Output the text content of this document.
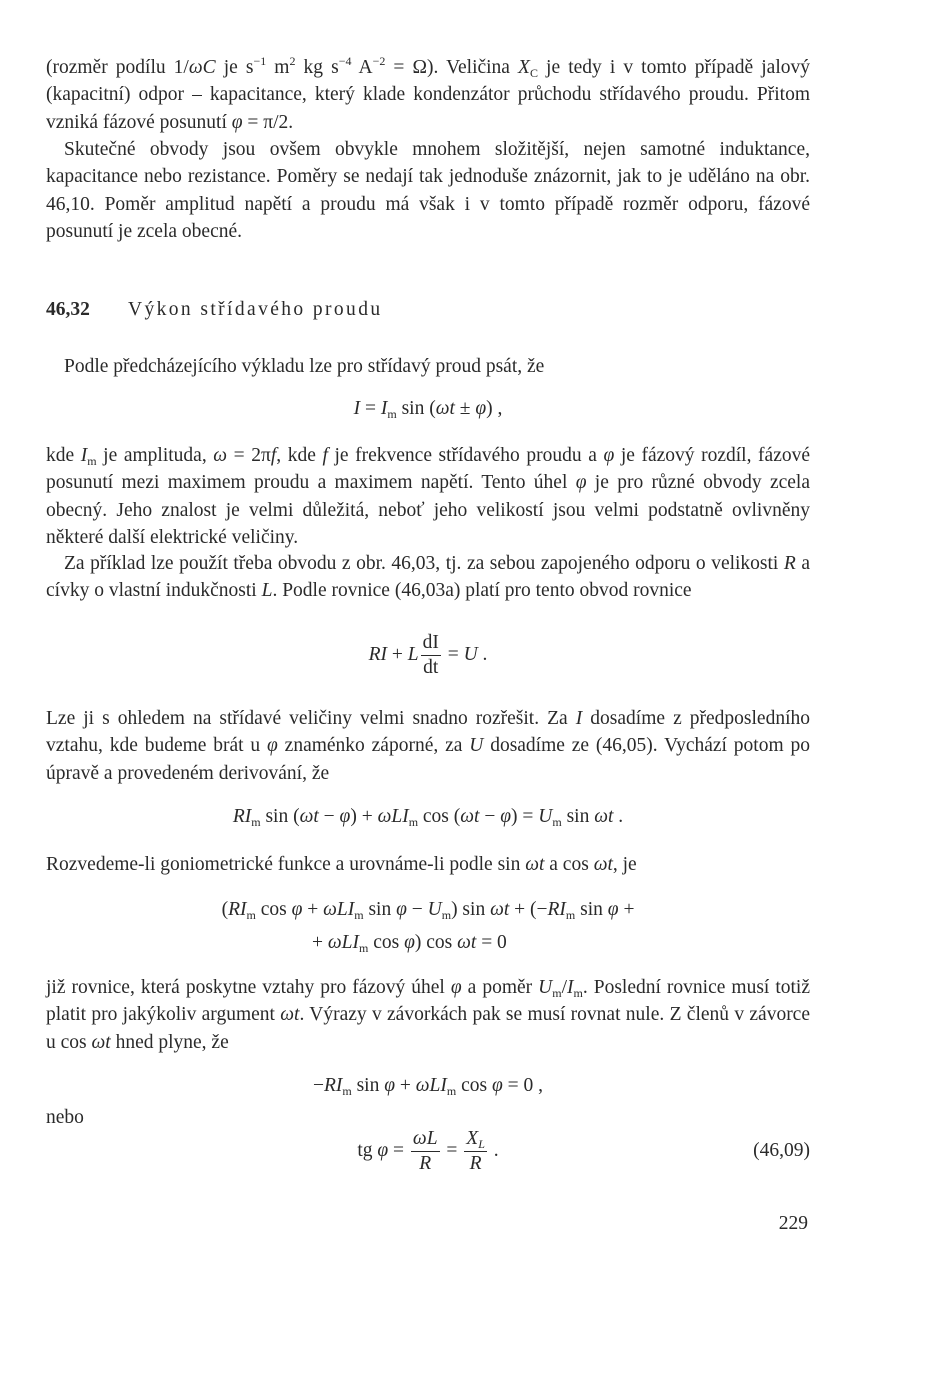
(rozměr podílu 1/ωC je $s^{-1}$ $m^2$ kg $s^{-4}$ $A^{-2} = \Omega$). Veličina $X_C$ je tedy i v tomto případě jalový (kapacitní) odpor – kapacitance, který klade kondenzátor průchodu střídavého proudu. Přitom vzniká fázové posunutí φ = π/2.

Skutečné obvody jsou ovšem obvykle mnohem složitější, nejen samotné induktance, kapacitance nebo rezistance. Poměry se nedají tak jednoduše znázornit, jak to je uděláno na obr. 46,10. Poměr amplitud napětí a proudu má však i v tomto případě rozměr odporu, fázové posunutí je zcela obecné.

46,32 Výkon střídavého proudu

Podle předcházejícího výkladu lze pro střídavý proud psát, že

$I = I_m$ sin (ωt ± φ) ,

kde $I_m$ je amplituda, ω = 2πf, kde f je frekvence střídavého proudu a φ je fázový rozdíl, fázové posunutí mezi maximem proudu a maximem napětí. Tento úhel φ je pro různé obvody zcela obecný. Jeho znalost je velmi důležitá, neboť jeho velikostí jsou velmi podstatně ovlivněny některé další elektrické veličiny.

Za příklad lze použít třeba obvodu z obr. 46,03, tj. za sebou zapojeného odporu o velikosti R a cívky o vlastní indukčnosti L. Podle rovnice (46,03a) platí pro tento obvod rovnice

RI + L $\frac{dI}{dt} = U$ .

Lze ji s ohledem na střídavé veličiny velmi snadno rozřešit. Za I dosadíme z předposledního vztahu, kde budeme brát u φ znaménko záporné, za U dosadíme ze (46,05). Vychází potom po úpravě a provedeném derivování, že

$RI_m$ sin (ωt − φ) + ωLI$_m$ $\cos (\omega t - \varphi) = U_m$ sin ωt .

Rozvedeme-li goniometrické funkce a urovnáme-li podle sin ωt a cos ωt, je

($RI_m$ cos φ + ωLI$_m$ $\sin \varphi - U_m$) $\sin \omega t + (-RI_m$ sin φ +
+ ωLI$_m$ cos φ) cos ωt = 0

již rovnice, která poskytne vztahy pro fázový úhel φ a poměr $U_m/I_m$. Poslední rovnice musí totiž platit pro jakýkoliv argument ωt. Výrazy v závorkách pak se musí rovnat nule. Z členů v závorce u cos ωt hned plyne, že

$-RI_m$ sin φ + ωLI$_m$ cos φ = 0 ,
nebo
tg $\varphi = \frac{\omega L}{R} = \frac{X_L}{R}$ .	(46,09)
229
